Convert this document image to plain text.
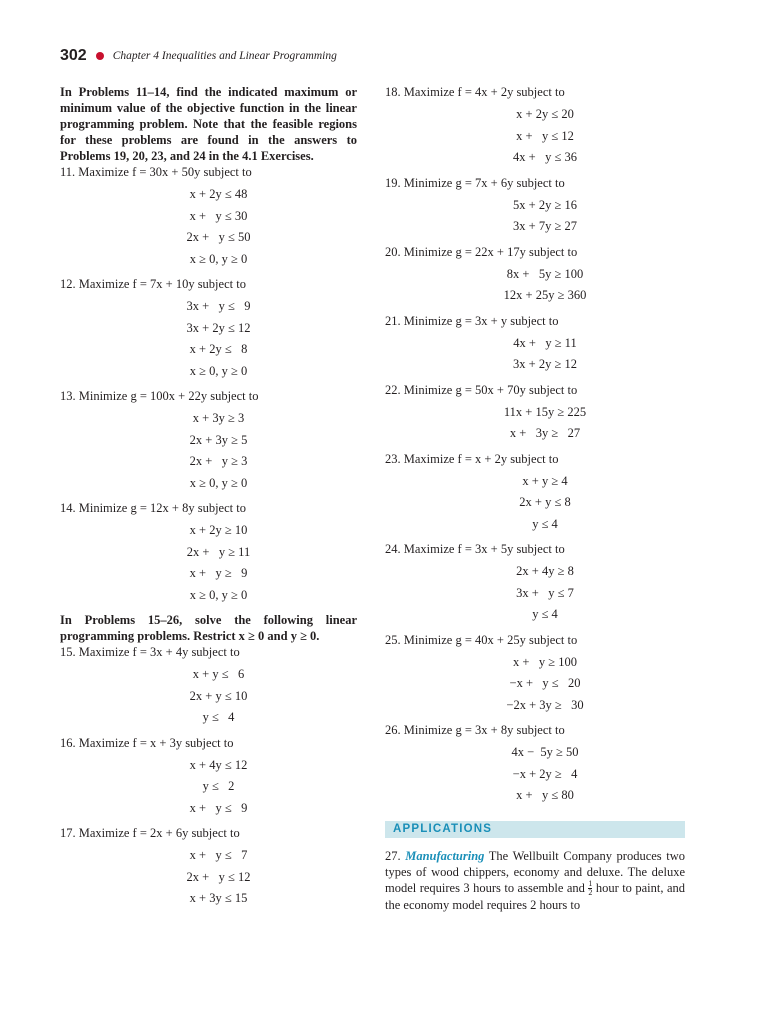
302 Chapter 4 Inequalities and Linear Programming

In Problems 11–14, find the indicated maximum or minimum value of the objective function in the linear programming problem. Note that the feasible regions for these problems are found in the answers to Problems 19, 20, 23, and 24 in the 4.1 Exercises.

11. Maximize f = 30x + 50y subject to

x + 2y ≤ 48
x +   y ≤ 30
2x +   y ≤ 50
x ≥ 0, y ≥ 0

12. Maximize f = 7x + 10y subject to

3x +   y ≤   9
3x + 2y ≤ 12
x + 2y ≤   8
x ≥ 0, y ≥ 0

13. Minimize g = 100x + 22y subject to

x + 3y ≥ 3
2x + 3y ≥ 5
2x +   y ≥ 3
x ≥ 0, y ≥ 0

14. Minimize g = 12x + 8y subject to

x + 2y ≥ 10
2x +   y ≥ 11
x +   y ≥   9
x ≥ 0, y ≥ 0

In Problems 15–26, solve the following linear programming problems. Restrict x ≥ 0 and y ≥ 0.

15. Maximize f = 3x + 4y subject to

x + y ≤   6
2x + y ≤ 10
y ≤   4

16. Maximize f = x + 3y subject to

x + 4y ≤ 12
y ≤   2
x +   y ≤   9

17. Maximize f = 2x + 6y subject to

x +   y ≤   7
2x +   y ≤ 12
x + 3y ≤ 15

18. Maximize f = 4x + 2y subject to

x + 2y ≤ 20
x +   y ≤ 12
4x +   y ≤ 36

19. Minimize g = 7x + 6y subject to

5x + 2y ≥ 16
3x + 7y ≥ 27

20. Minimize g = 22x + 17y subject to

8x +   5y ≥ 100
12x + 25y ≥ 360

21. Minimize g = 3x + y subject to

4x +   y ≥ 11
3x + 2y ≥ 12

22. Minimize g = 50x + 70y subject to

11x + 15y ≥ 225
x +   3y ≥   27

23. Maximize f = x + 2y subject to

x + y ≥ 4
2x + y ≤ 8
y ≤ 4

24. Maximize f = 3x + 5y subject to

2x + 4y ≥ 8
3x +   y ≤ 7
y ≤ 4

25. Minimize g = 40x + 25y subject to

x +   y ≥ 100
−x +   y ≤   20
−2x + 3y ≥   30

26. Minimize g = 3x + 8y subject to

4x −  5y ≥ 50
−x + 2y ≥   4
x +   y ≤ 80
APPLICATIONS
27. Manufacturing The Wellbuilt Company produces two types of wood chippers, economy and deluxe. The deluxe model requires 3 hours to assemble and $\frac{1}{2}$ hour to paint, and the economy model requires 2 hours to
